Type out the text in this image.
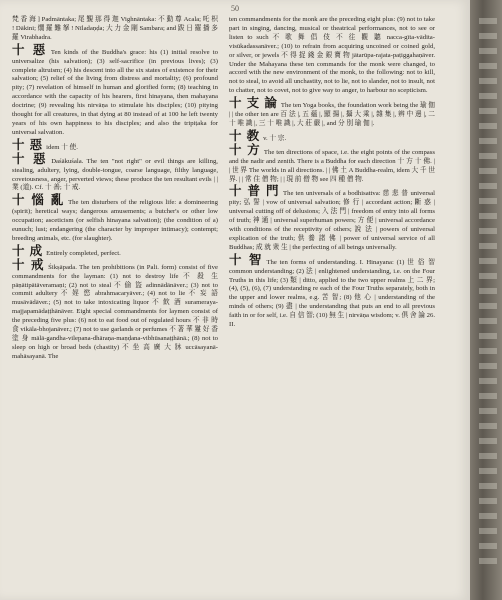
50

梵 香 海 ] Padmāntaka; 尾 覲 那 得 迦 Vighnāntaka: 不 動 尊 Acala; 吒 枳 ! Dākini; 燗 羅 難 拏 ! Nīladaṇḍa; 大 力 金 剛 Sambara; and 跋 日 羅 播 多 羅 Virabhadra.

十 惡 Ten kinds of the Buddha's grace: his (1) initial resolve to universalize (his salvation); (3) self-sacrifice (in previous lives); (3) complete altruism; (4) his descent into all the six states of existence for their salvation; (5) relief of the living from distress and mortality; (6) profound pity; (7) revelation of himself in human and glorified form; (8) teaching in accordance with the capacity of his hearers, first hinayana, then mahayana doctrine; (9) revealing his nirvāṇa to stimulate his disciples; (10) pitying thought for all creatures, in that dying at 80 instead of at 100 he left twenty years of his own happiness to his disciples; and also the tripiṭaka for universal salvation.

十 惡 idem 十 使.

十 惡 Daśākuśala. The ten "not right" or evil things are killing, stealing, adultery, lying, double-tongue, coarse language, filthy language, covetousness, anger, perverted views; these produce the ten resultant evils | | 業 (道). Cf. 十 善; 十 戒.

十 惱 亂 The ten disturbers of the religious life: a domineering (spirit); heretical ways; dangerous amusements; a butcher's or other low occupation; asceticism (or selfish hinayana salvation); (the condition of a) eunuch; lust; endangering (the character by improper intimacy); contempt; breeding animals, etc. (for slaughter).

十 成 Entirely completed, perfect.

十 戒 Śikṣāpada. The ten prohibitions (in Pali. form) consist of five commandments for the layman: (1) not to destroy life 不 殺 生 pāṇātipātāveramaṇi; (2) not to steal 不 偷 盜 adinnādānāver.; (3) not to commit adultery 不 婬 慾 abrahmacaryāver.; (4) not to lie 不 妄 語 musāvādāver.; (5) not to take intoxicating liquor 不 飲 酒 surameraya-majjapamādaṭṭhānāver. Eight special commandments for laymen consist of the preceding five plus: (6) not to eat food out of regulated hours 不 非 時 食 vikāla-bhojanāver.; (7) not to use garlands or perfumes 不 著 華 鬘 好 香 塗 身 mālā-gandha-vilepana-dhāraṇa-maṇḍana-vibhūsanaṭṭhānā.; (8) not to sleep on high or broad beds (chastity) 不 坐 高 廣 大 牀 uccāsayanā-mahāsayanā. The

ten commandments for the monk are the preceding eight plus: (9) not to take part in singing, dancing, musical or theatrical performances, not to see or listen to such 不 歌 舞 倡 伎 不 往 觀 聽 nacca-gīta-vādita-visūkadassanāver.; (10) to refrain from acquiring uncoined or coined gold, or silver, or jewels 不 得 捉 錢 金 銀 寶 物 jātarūpa-rajata-paṭiggahaṇāver. Under the Mahayana these ten commands for the monk were changed, to accord with the new environment of the monk, to the following: not to kill, not to steal, to avoid all unchastity, not to lie, not to slander, not to insult, not to chatter, not to covet, not to give way to anger, to harbour no scepticism.

十 支 論 The ten Yoga books, the foundation work being the 瑜 伽 | | the other ten are 百 法 |, 五 蘊 |, 顯 揚 |, 攝 大 乘 |, 雜 集 |, 辨 中 邊 |, 二 十 唯 識 |, 三 十 唯 識 |, 大 莊 嚴 |, and 分 別 瑜 伽 |.

十 教 v. 十 宗.

十 方 The ten directions of space, i.e. the eight points of the compass and the nadir and zenith. There is a Buddha for each direction 十 方 十 佛. | | 世 界 The worlds in all directions. | | 佛 土 A Buddha-realm, idem 大 千 世 界. | | 常 住 僧 物; | | 現 前 僧 物 see 四 種 僧 物.

十 普 門 The ten universals of a bodhisattva: 慈 悲 普 universal pity; 弘 誓 | vow of universal salvation; 修 行 | accordant action; 斷 惑 | universal cutting off of delusions; 入 法 門 | freedom of entry into all forms of truth; 神 通 | universal superhuman powers; 方 便 | universal accordance with conditions of the receptivity of others; 說 法 | powers of universal explication of the truth; 供 養 諸 佛 | power of universal service of all Buddhas; 成 就 衆 生 | the perfecting of all beings universally.

十 智 The ten forms of understanding. I. Hinayana: (1) 世 俗 智 common understanding; (2) 法 | enlightened understanding, i.e. on the Four Truths in this life; (3) 類 | ditto, applied to the two upper realms 上 二 界; (4), (5), (6), (7) understanding re each of the Four Truths separately, both in the upper and lower realms, e.g. 苦 智; (8) 他 心 | understanding of the minds of others; (9) 盡 | the understanding that puts an end to all previous faith in or for self, i.e. 自 信 智; (10) 無 生 | nirvāṇa wisdom; v. 俱 舍 論 26. II.
